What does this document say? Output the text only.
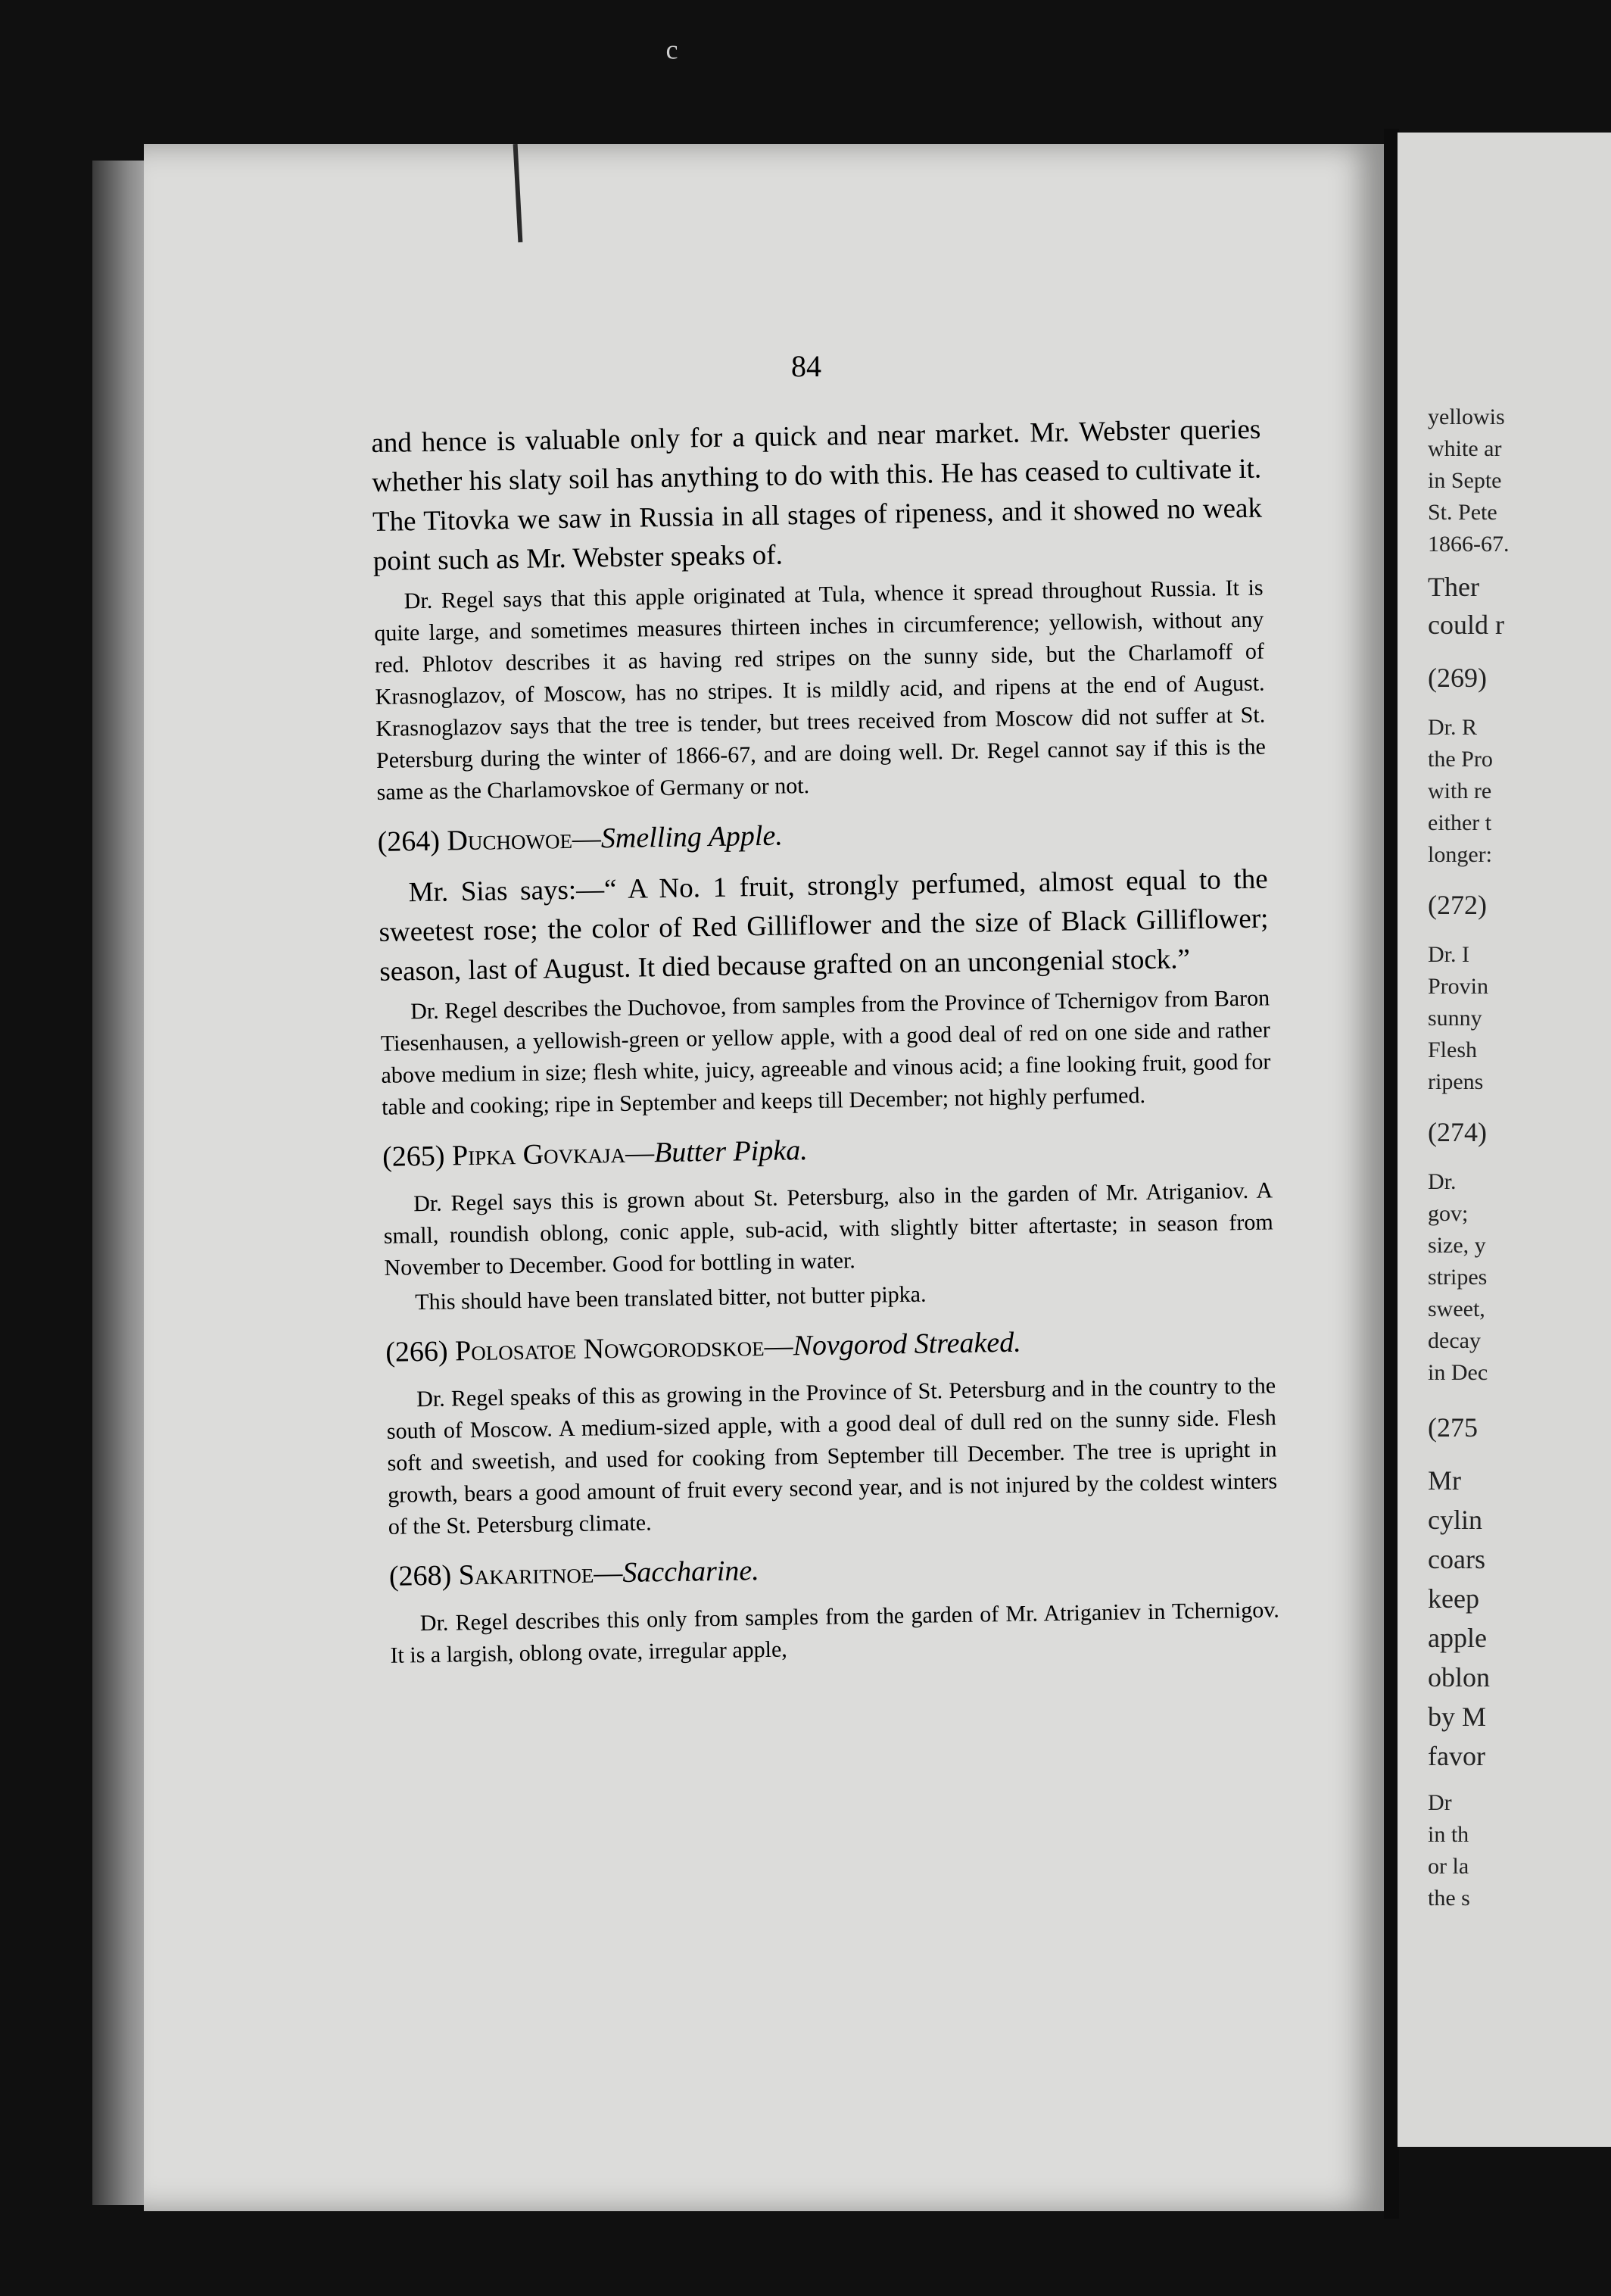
ᶜ
yellowis
white ar
in Septe
St. Pete
1866-67.
Ther
could r
(269)
Dr. R
the Pro
with re
either t
longer:
(272)
Dr. I
Provin
sunny
Flesh
ripens
(274)
Dr.
gov;
size, y
stripes
sweet,
decay
in Dec
(275
Mr
cylin
coars
keep
apple
oblon
by M
favor
Dr
in th
or la
the s
84

and hence is valuable only for a quick and near market. Mr. Webster queries whether his slaty soil has anything to do with this. He has ceased to cultivate it. The Titovka we saw in Russia in all stages of ripeness, and it showed no weak point such as Mr. Webster speaks of.

Dr. Regel says that this apple originated at Tula, whence it spread throughout Russia. It is quite large, and sometimes measures thirteen inches in circumference; yellowish, without any red. Phlotov describes it as having red stripes on the sunny side, but the Charlamoff of Krasnoglazov, of Moscow, has no stripes. It is mildly acid, and ripens at the end of August. Krasnoglazov says that the tree is tender, but trees received from Moscow did not suffer at St. Petersburg during the winter of 1866-67, and are doing well. Dr. Regel cannot say if this is the same as the Charlamovskoe of Germany or not.

(264) Duchowoe—Smelling Apple.

Mr. Sias says:—“ A No. 1 fruit, strongly perfumed, almost equal to the sweetest rose; the color of Red Gilliflower and the size of Black Gilliflower; season, last of August. It died because grafted on an uncongenial stock.”

Dr. Regel describes the Duchovoe, from samples from the Province of Tchernigov from Baron Tiesenhausen, a yellowish-green or yellow apple, with a good deal of red on one side and rather above medium in size; flesh white, juicy, agreeable and vinous acid; a fine looking fruit, good for table and cooking; ripe in September and keeps till December; not highly perfumed.

(265) Pipka Govkaja—Butter Pipka.

Dr. Regel says this is grown about St. Petersburg, also in the garden of Mr. Atriganiov. A small, roundish oblong, conic apple, sub-acid, with slightly bitter aftertaste; in season from November to December. Good for bottling in water.

This should have been translated bitter, not butter pipka.

(266) Polosatoe Nowgorodskoe—Novgorod Streaked.

Dr. Regel speaks of this as growing in the Province of St. Petersburg and in the country to the south of Moscow. A medium-sized apple, with a good deal of dull red on the sunny side. Flesh soft and sweetish, and used for cooking from September till December. The tree is upright in growth, bears a good amount of fruit every second year, and is not injured by the coldest winters of the St. Petersburg climate.

(268) Sakaritnoe—Saccharine.

Dr. Regel describes this only from samples from the garden of Mr. Atriganiev in Tchernigov. It is a largish, oblong ovate, irregular apple,
